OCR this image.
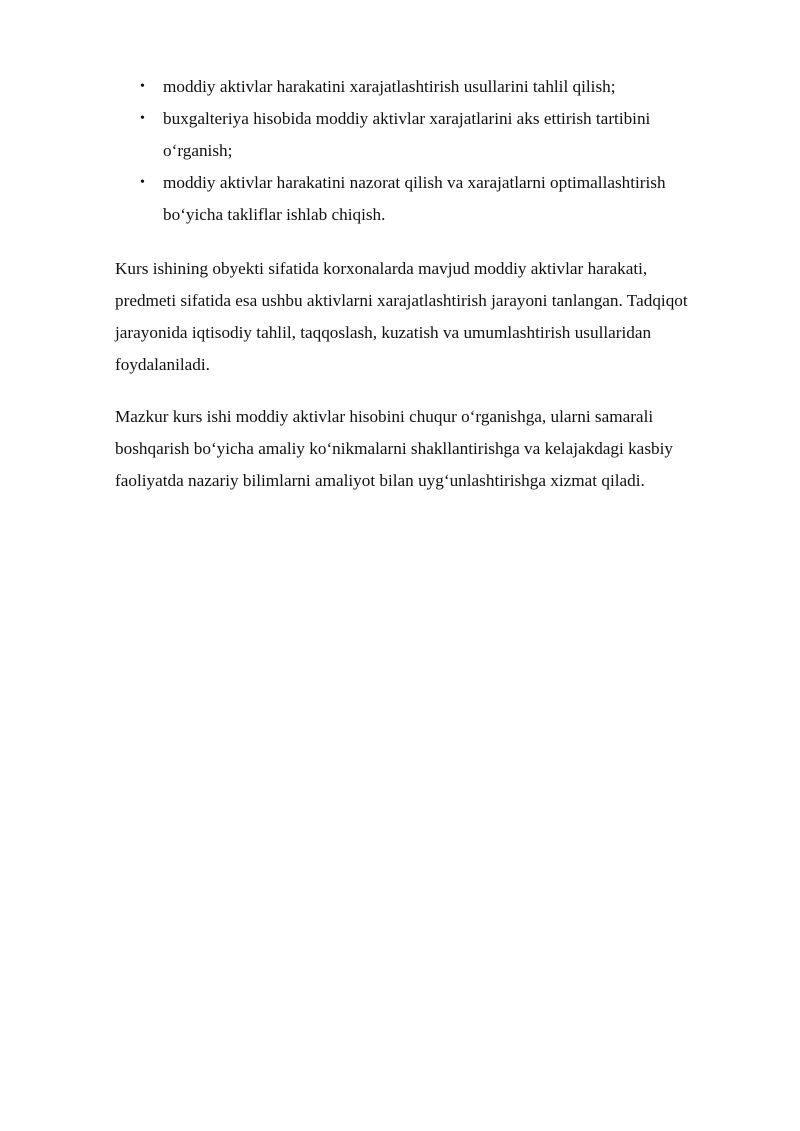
• moddiy aktivlar harakatini xarajatlashtirish usullarini tahlil qilish;
• buxgalteriya hisobida moddiy aktivlar xarajatlarini aks ettirish tartibini
o‘rganish;
• moddiy aktivlar harakatini nazorat qilish va xarajatlarni optimallashtirish
bo‘yicha takliflar ishlab chiqish.

Kurs ishining obyekti sifatida korxonalarda mavjud moddiy aktivlar harakati,
predmeti sifatida esa ushbu aktivlarni xarajatlashtirish jarayoni tanlangan. Tadqiqot
jarayonida iqtisodiy tahlil, taqqoslash, kuzatish va umumlashtirish usullaridan
foydalaniladi.

Mazkur kurs ishi moddiy aktivlar hisobini chuqur o‘rganishga, ularni samarali
boshqarish bo‘yicha amaliy ko‘nikmalarni shakllantirishga va kelajakdagi kasbiy
faoliyatda nazariy bilimlarni amaliyot bilan uyg‘unlashtirishga xizmat qiladi.
